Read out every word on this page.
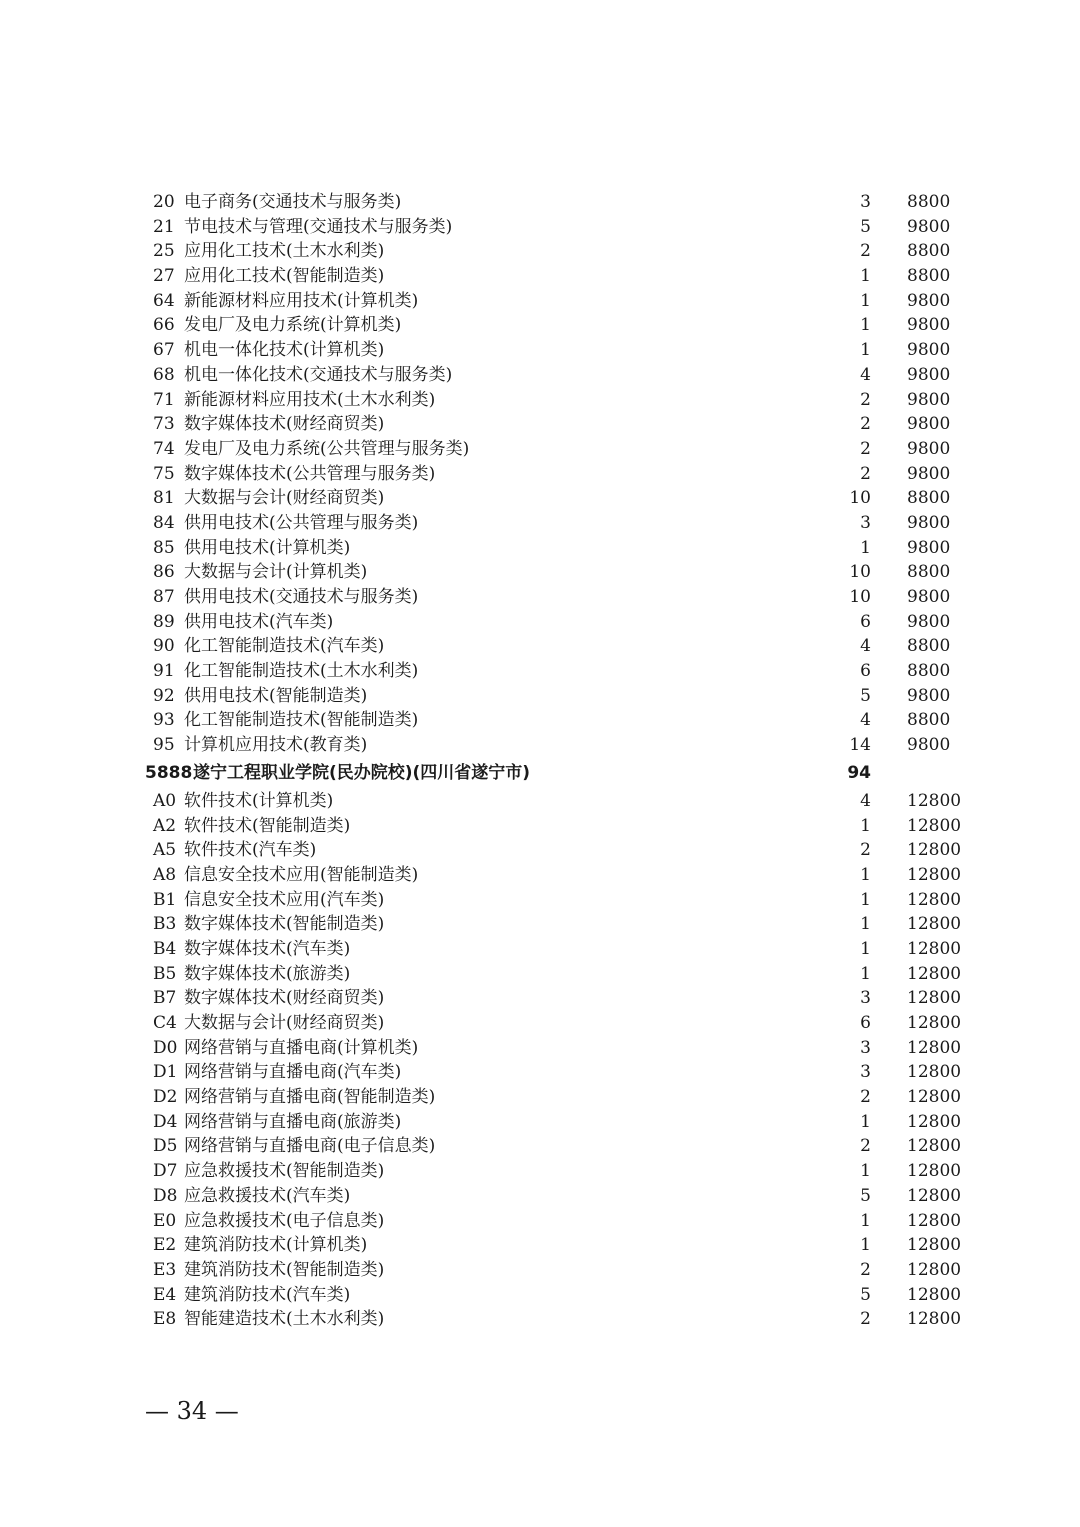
20 电子商务(交通技术与服务类)	3 8800
21 节电技术与管理(交通技术与服务类)	5 9800
25 应用化工技术(土木水利类)	2 8800
27 应用化工技术(智能制造类)	1 8800
64 新能源材料应用技术(计算机类)	1 9800
66 发电厂及电力系统(计算机类)	1 9800
67 机电一体化技术(计算机类)	1 9800
68 机电一体化技术(交通技术与服务类)	4 9800
71 新能源材料应用技术(土木水利类)	2 9800
73 数字媒体技术(财经商贸类)	2 9800
74 发电厂及电力系统(公共管理与服务类)	2 9800
75 数字媒体技术(公共管理与服务类)	2 9800
81 大数据与会计(财经商贸类)	10 8800
84 供用电技术(公共管理与服务类)	3 9800
85 供用电技术(计算机类)	1 9800
86 大数据与会计(计算机类)	10 8800
87 供用电技术(交通技术与服务类)	10 9800
89 供用电技术(汽车类)	6 9800
90 化工智能制造技术(汽车类)	4 8800
91 化工智能制造技术(土木水利类)	6 8800
92 供用电技术(智能制造类)	5 9800
93 化工智能制造技术(智能制造类)	4 8800
95 计算机应用技术(教育类)	14 9800
5888 遂宁工程职业学院(民办院校)(四川省遂宁市)	94
A0 软件技术(计算机类)	4 12800
A2 软件技术(智能制造类)	1 12800
A5 软件技术(汽车类)	2 12800
A8 信息安全技术应用(智能制造类)	1 12800
B1 信息安全技术应用(汽车类)	1 12800
B3 数字媒体技术(智能制造类)	1 12800
B4 数字媒体技术(汽车类)	1 12800
B5 数字媒体技术(旅游类)	1 12800
B7 数字媒体技术(财经商贸类)	3 12800
C4 大数据与会计(财经商贸类)	6 12800
D0 网络营销与直播电商(计算机类)	3 12800
D1 网络营销与直播电商(汽车类)	3 12800
D2 网络营销与直播电商(智能制造类)	2 12800
D4 网络营销与直播电商(旅游类)	1 12800
D5 网络营销与直播电商(电子信息类)	2 12800
D7 应急救援技术(智能制造类)	1 12800
D8 应急救援技术(汽车类)	5 12800
E0 应急救援技术(电子信息类)	1 12800
E2 建筑消防技术(计算机类)	1 12800
E3 建筑消防技术(智能制造类)	2 12800
E4 建筑消防技术(汽车类)	5 12800
E8 智能建造技术(土木水利类)	2 12800
— 34 —
